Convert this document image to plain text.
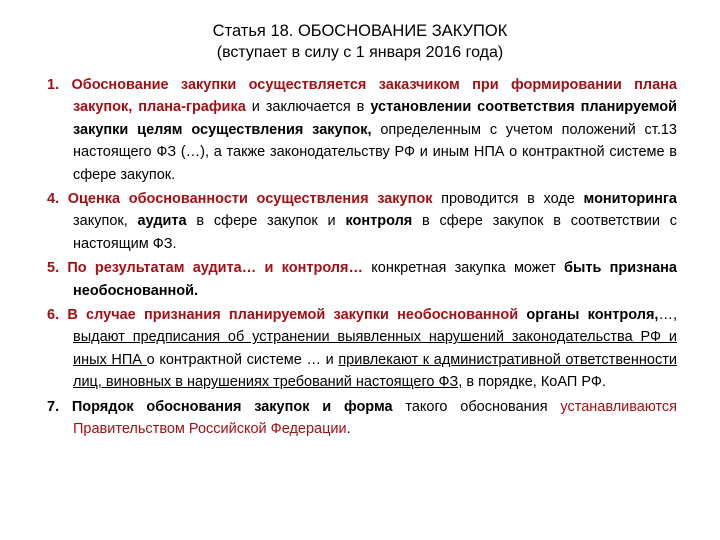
Статья 18. ОБОСНОВАНИЕ ЗАКУПОК
(вступает в силу с 1 января 2016 года)

1. Обоснование закупки осуществляется заказчиком при формировании плана закупок, плана-графика и заключается в установлении соответствия планируемой закупки целям осуществления закупок, определенным с учетом положений ст.13 настоящего ФЗ (…), а также законодательству РФ и иным НПА о контрактной системе в сфере закупок.

4. Оценка обоснованности осуществления закупок проводится в ходе мониторинга закупок, аудита в сфере закупок и контроля в сфере закупок в соответствии с настоящим ФЗ.

5. По результатам аудита… и контроля… конкретная закупка может быть признана необоснованной.

6. В случае признания планируемой закупки необоснованной органы контроля,…, выдают предписания об устранении выявленных нарушений законодательства РФ и иных НПА о контрактной системе … и привлекают к административной ответственности лиц, виновных в нарушениях требований настоящего ФЗ, в порядке, КоАП РФ.

7. Порядок обоснования закупок и форма такого обоснования устанавливаются Правительством Российской Федерации.
